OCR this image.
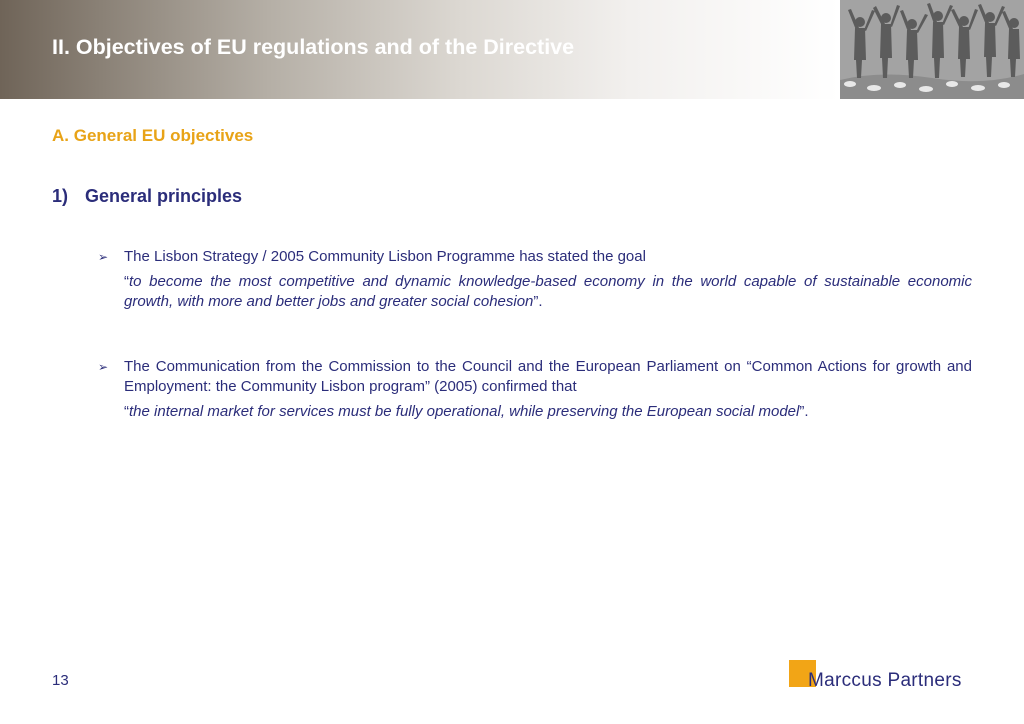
II. Objectives of EU regulations and of the Directive
A. General EU objectives
1) General principles
➢ The Lisbon Strategy / 2005 Community Lisbon Programme has stated the goal
“to become the most competitive and dynamic knowledge-based economy in the world capable of sustainable economic growth, with more and better jobs and greater social cohesion”.
➢ The Communication from the Commission to the Council and the European Parliament on “Common Actions for growth and Employment: the Community Lisbon program” (2005) confirmed that
“the internal market for services must be fully operational, while preserving the European social model”.
13	Marccus Partners
